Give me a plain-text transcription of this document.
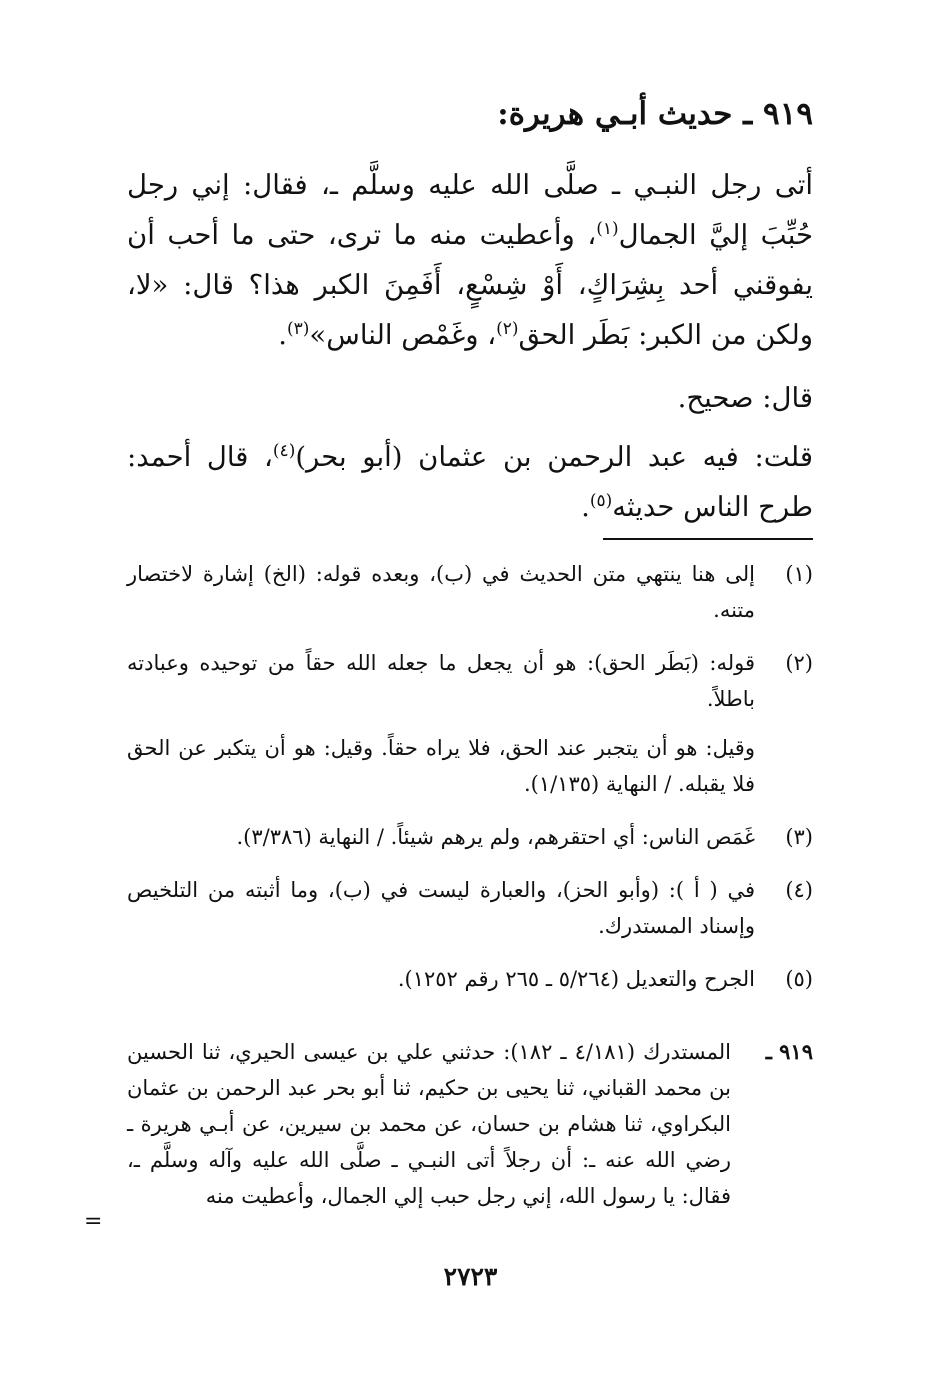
٩١٩ ـ حديث أبـي هريرة:

أتى رجل النبـي ـ صلَّى الله عليه وسلَّم ـ، فقال: إني رجل حُبِّبَ إليَّ الجمال$^{(١)}$، وأعطيت منه ما ترى، حتى ما أحب أن يفوقني أحد بِشِرَاكٍ، أَوْ شِسْعٍ، أَفَمِنَ الكبر هذا؟ قال: «لا، ولكن من الكبر: بَطَر الحق$^{(٢)}$، وغَمْص الناس»$^{(٣)}$.

قال: صحيح.

قلت: فيه عبد الرحمن بن عثمان (أبو بحر)$^{(٤)}$، قال أحمد: طرح الناس حديثه$^{(٥)}$.

(١)
إلى هنا ينتهي متن الحديث في (ب)، وبعده قوله: (الخ) إشارة لاختصار متنه.
(٢)
قوله: (بَطَر الحق): هو أن يجعل ما جعله الله حقاً من توحيده وعبادته باطلاً.
وقيل: هو أن يتجبر عند الحق، فلا يراه حقاً. وقيل: هو أن يتكبر عن الحق فلا يقبله. / النهاية (١/١٣٥).
(٣)
غَمَص الناس: أي احتقرهم، ولم يرهم شيئاً. / النهاية (٣/٣٨٦).
(٤)
في ( أ ): (وأبو الحز)، والعبارة ليست في (ب)، وما أثبته من التلخيص وإسناد المستدرك.
(٥)
الجرح والتعديل (٥/٢٦٤ ـ ٢٦٥ رقم ١٢٥٢).
٩١٩ ـ
المستدرك (٤/١٨١ ـ ١٨٢): حدثني علي بن عيسى الحيري، ثنا الحسين بن محمد القباني، ثنا يحيى بن حكيم، ثنا أبو بحر عبد الرحمن بن عثمان البكراوي، ثنا هشام بن حسان، عن محمد بن سيرين، عن أبـي هريرة ـ رضي الله عنه ـ: أن رجلاً أتى النبـي ـ صلَّى الله عليه وآله وسلَّم ـ، فقال: يا رسول الله، إني رجل حبب إلي الجمال، وأعطيت منه
=
٢٧٢٣
